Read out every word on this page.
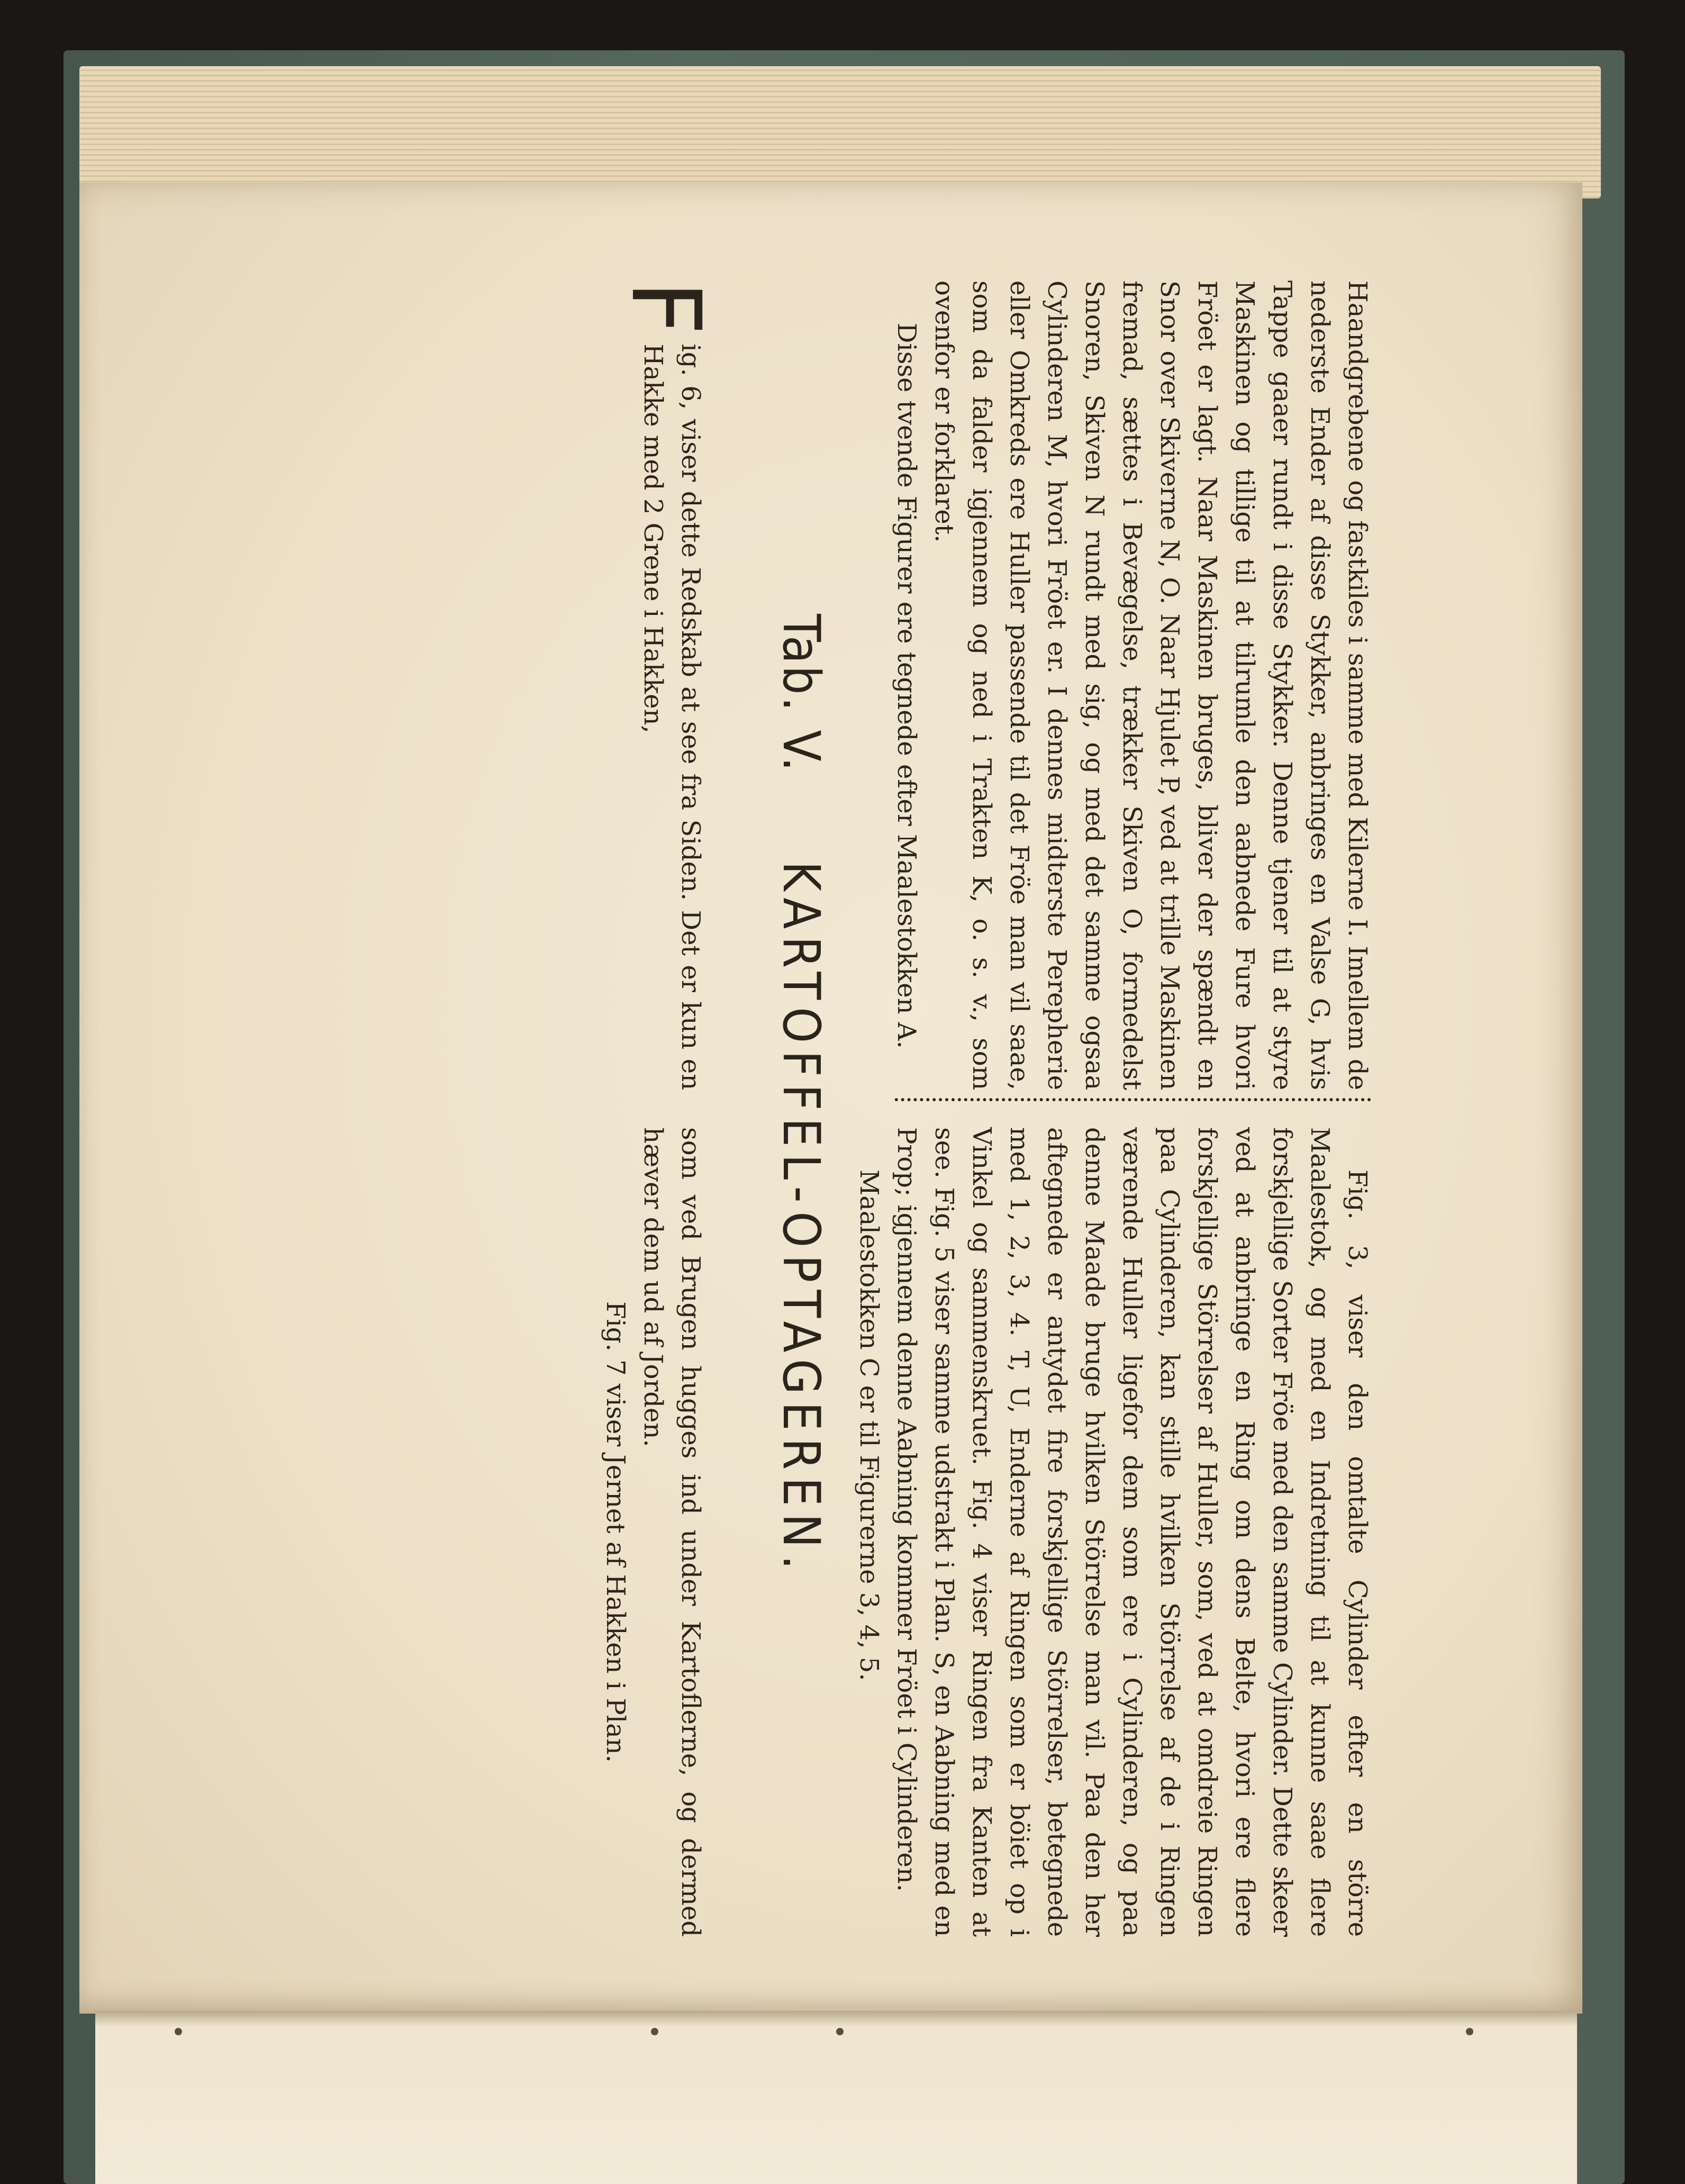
Haandgrebene og fastkiles i samme med Kilerne I. Imellem de nederste Ender af disse Stykker, anbringes en Valse G, hvis Tappe gaaer rundt i disse Stykker. Denne tjener til at styre Maskinen og tillige til at tilrumle den aabnede Fure hvori Fröet er lagt. Naar Maskinen bruges, bliver der spændt en Snor over Skiverne N, O. Naar Hjulet P, ved at trille Maskinen fremad, sættes i Bevægelse, trækker Skiven O, formedelst Snoren, Skiven N rundt med sig, og med det samme ogsaa Cylinderen M, hvori Fröet er. I dennes midterste Perepherie eller Omkreds ere Huller passende til det Fröe man vil saae, som da falder igjennem og ned i Trakten K, o. s. v., som ovenfor er forklaret.

Disse tvende Figurer ere tegnede efter Maalestokken A.

Fig. 3, viser den omtalte Cylinder efter en större Maalestok, og med en Indretning til at kunne saae flere forskjellige Sorter Fröe med den samme Cylinder. Dette skeer ved at anbringe en Ring om dens Belte, hvori ere flere forskjellige Störrelser af Huller, som, ved at omdreie Ringen paa Cylinderen, kan stille hvilken Störrelse af de i Ringen værende Huller ligefor dem som ere i Cylinderen, og paa denne Maade bruge hvilken Störrelse man vil. Paa den her aftegnede er antydet fire forskjellige Störrelser, betegnede med 1, 2, 3, 4. T, U, Enderne af Ringen som er böiet op i Vinkel og sammenskruet. Fig. 4 viser Ringen fra Kanten at see. Fig. 5 viser samme udstrakt i Plan. S, en Aabning med en Prop; igjennem denne Aabning kommer Fröet i Cylinderen.

Maalestokken C er til Figurerne 3, 4, 5.

Tab. V.    KARTOFFEL-OPTAGEREN.

F
ig. 6, viser dette Redskab at see fra Siden. Det er kun en Hakke med 2 Grene i Hakken,

som ved Brugen hugges ind under Kartoflerne, og dermed hæver dem ud af Jorden.

Fig. 7 viser Jernet af Hakken i Plan.
